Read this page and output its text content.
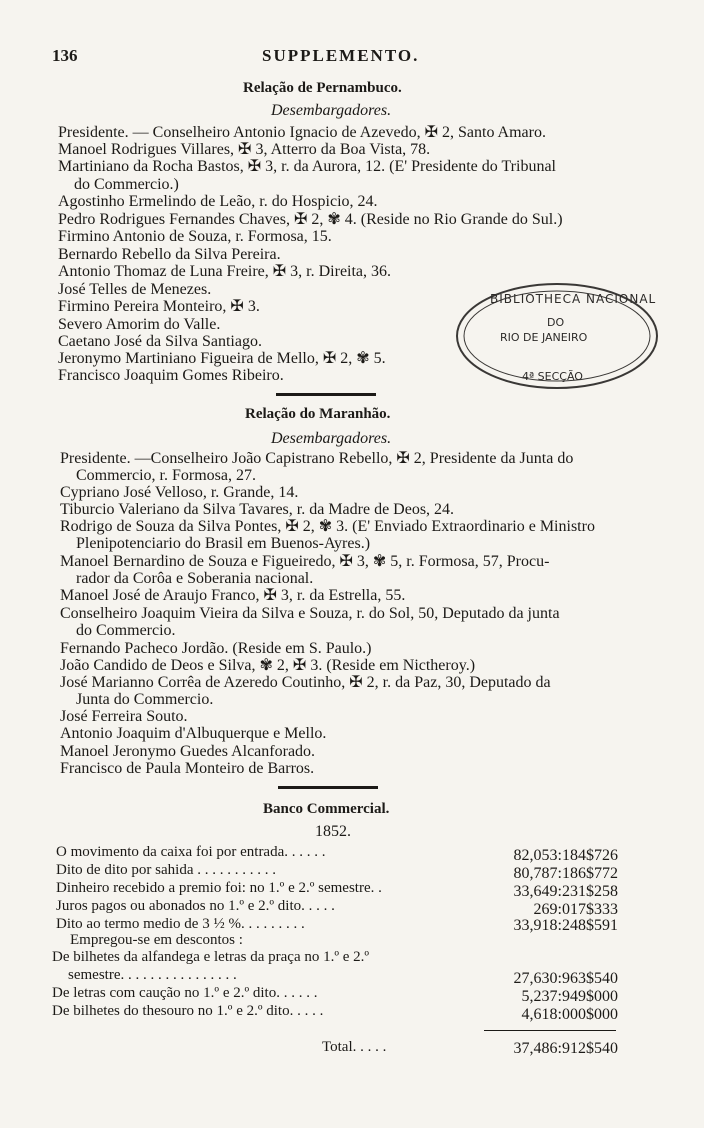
136	SUPPLEMENTO.
Relação de Pernambuco.
Desembargadores.
Presidente. — Conselheiro Antonio Ignacio de Azevedo, ✠ 2, Santo Amaro.
Manoel Rodrigues Villares, ✠ 3, Atterro da Boa Vista, 78.
Martiniano da Rocha Bastos, ✠ 3, r. da Aurora, 12. (E' Presidente do Tribunal
do Commercio.)
Agostinho Ermelindo de Leão, r. do Hospicio, 24.
Pedro Rodrigues Fernandes Chaves, ✠ 2, ✾ 4. (Reside no Rio Grande do Sul.)
Firmino Antonio de Souza, r. Formosa, 15.
Bernardo Rebello da Silva Pereira.
Antonio Thomaz de Luna Freire, ✠ 3, r. Direita, 36.
José Telles de Menezes.
Firmino Pereira Monteiro, ✠ 3.
Severo Amorim do Valle.
Caetano José da Silva Santiago.
Jeronymo Martiniano Figueira de Mello, ✠ 2, ✾ 5.
Francisco Joaquim Gomes Ribeiro.
BIBLIOTHECA NACIONAL
DO
RIO DE JANEIRO
4ª SECÇÃO
Relação do Maranhão.
Desembargadores.
Presidente. —Conselheiro João Capistrano Rebello, ✠ 2, Presidente da Junta do
Commercio, r. Formosa, 27.
Cypriano José Velloso, r. Grande, 14.
Tiburcio Valeriano da Silva Tavares, r. da Madre de Deos, 24.
Rodrigo de Souza da Silva Pontes, ✠ 2, ✾ 3. (E' Enviado Extraordinario e Ministro
Plenipotenciario do Brasil em Buenos-Ayres.)
Manoel Bernardino de Souza e Figueiredo, ✠ 3, ✾ 5, r. Formosa, 57, Procu-
rador da Corôa e Soberania nacional.
Manoel José de Araujo Franco, ✠ 3, r. da Estrella, 55.
Conselheiro Joaquim Vieira da Silva e Souza, r. do Sol, 50, Deputado da junta
do Commercio.
Fernando Pacheco Jordão. (Reside em S. Paulo.)
João Candido de Deos e Silva, ✾ 2, ✠ 3. (Reside em Nictheroy.)
José Marianno Corrêa de Azeredo Coutinho, ✠ 2, r. da Paz, 30, Deputado da
Junta do Commercio.
José Ferreira Souto.
Antonio Joaquim d'Albuquerque e Mello.
Manoel Jeronymo Guedes Alcanforado.
Francisco de Paula Monteiro de Barros.
Banco Commercial.
1852.
O movimento da caixa foi por entrada. . . . . .	82,053:184$726
Dito de dito por sahida . . . . . . . . . . .	80,787:186$772
Dinheiro recebido a premio foi: no 1.º e 2.º semestre. .	33,649:231$258
Juros pagos ou abonados no 1.º e 2.º dito. . . . .	269:017$333
Dito ao termo medio de 3 ½ %. . . . . . . . .	33,918:248$591
Empregou-se em descontos :
De bilhetes da alfandega e letras da praça no 1.º e 2.º
semestre. . . . . . . . . . . . . . . .	27,630:963$540
De letras com caução no 1.º e 2.º dito. . . . . .	5,237:949$000
De bilhetes do thesouro no 1.º e 2.º dito. . . . .	4,618:000$000
Total. . . . .	37,486:912$540
